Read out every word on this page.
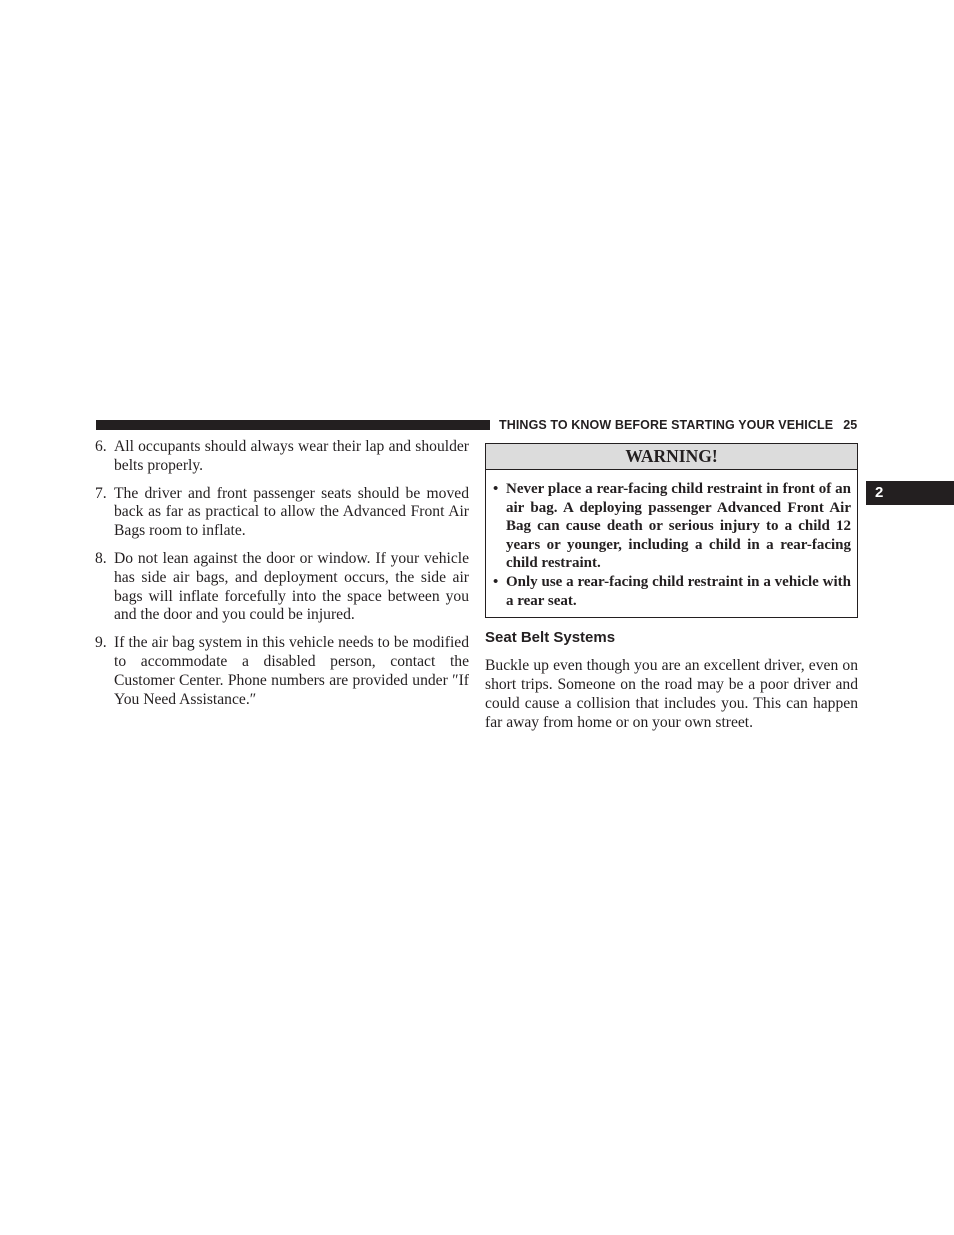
THINGS TO KNOW BEFORE STARTING YOUR VEHICLE 25
2
6. All occupants should always wear their lap and shoulder belts properly.
7. The driver and front passenger seats should be moved back as far as practical to allow the Advanced Front Air Bags room to inflate.
8. Do not lean against the door or window. If your vehicle has side air bags, and deployment occurs, the side air bags will inflate forcefully into the space between you and the door and you could be injured.
9. If the air bag system in this vehicle needs to be modified to accommodate a disabled person, contact the Customer Center. Phone numbers are provided under ″If You Need Assistance.″
WARNING!
• Never place a rear-facing child restraint in front of an air bag. A deploying passenger Advanced Front Air Bag can cause death or serious injury to a child 12 years or younger, including a child in a rear-facing child restraint.
• Only use a rear-facing child restraint in a vehicle with a rear seat.
Seat Belt Systems
Buckle up even though you are an excellent driver, even on short trips. Someone on the road may be a poor driver and could cause a collision that includes you. This can happen far away from home or on your own street.
